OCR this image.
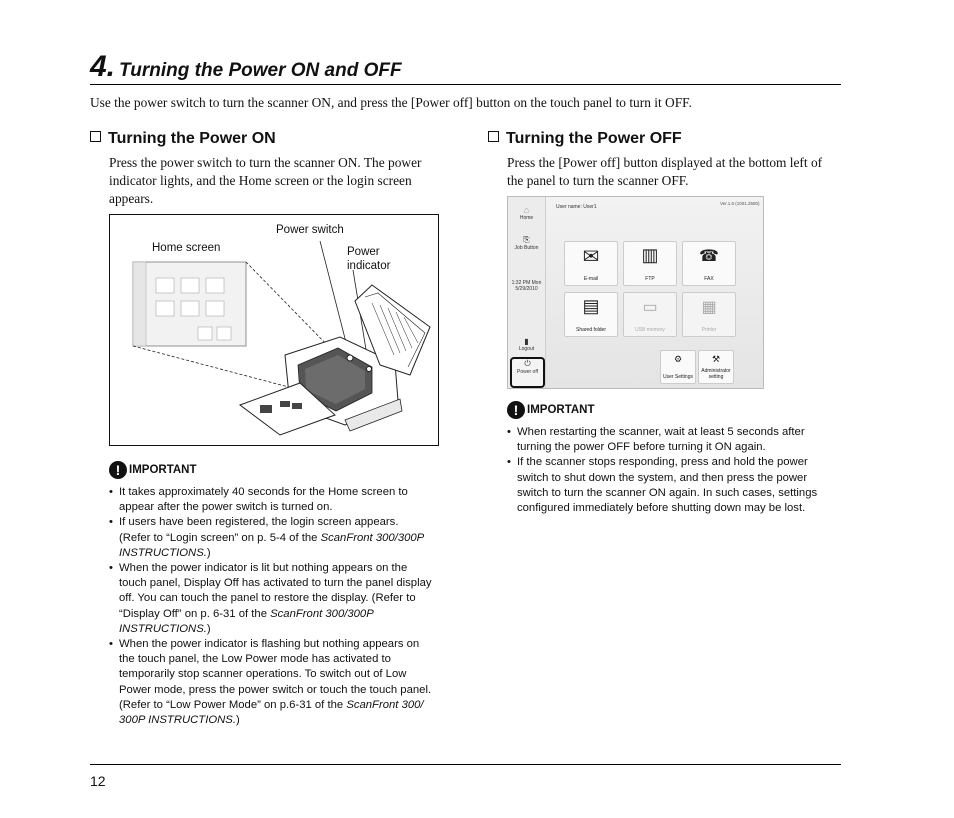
4. Turning the Power ON and OFF
Use the power switch to turn the scanner ON, and press the [Power off] button on the touch panel to turn it OFF.
Turning the Power ON
Press the power switch to turn the scanner ON. The power
indicator lights, and the Home screen or the login screen
appears.
Home screen
Power switch
Power
indicator
! IMPORTANT
• It takes approximately 40 seconds for the Home screen to
appear after the power switch is turned on.
• If users have been registered, the login screen appears.
(Refer to “Login screen” on p. 5-4 of the ScanFront 300/300P
INSTRUCTIONS.)
• When the power indicator is lit but nothing appears on the
touch panel, Display Off has activated to turn the panel display
off. You can touch the panel to restore the display. (Refer to
“Display Off” on p. 6-31 of the ScanFront 300/300P
INSTRUCTIONS.)
• When the power indicator is flashing but nothing appears on
the touch panel, the Low Power mode has activated to
temporarily stop scanner operations. To switch out of Low
Power mode, press the power switch or touch the touch panel.
(Refer to “Low Power Mode” on p.6-31 of the ScanFront 300/
300P INSTRUCTIONS.)
Turning the Power OFF
Press the [Power off] button displayed at the bottom left of
the panel to turn the scanner OFF.
⌂
Home
⎘
Job Button
1:32 PM Mon
5/29/2010
▮
Logout
⏻
Power off
User name: User1
Ver.1.6 (1001.2580)
✉
E-mail
▥
FTP
☎
FAX
▤
Shared folder
▭
USB memory
▦
Printer
⚙
User Settings
⚒
Administrator setting
! IMPORTANT
• When restarting the scanner, wait at least 5 seconds after
turning the power OFF before turning it ON again.
• If the scanner stops responding, press and hold the power
switch to shut down the system, and then press the power
switch to turn the scanner ON again. In such cases, settings
configured immediately before shutting down may be lost.
12
